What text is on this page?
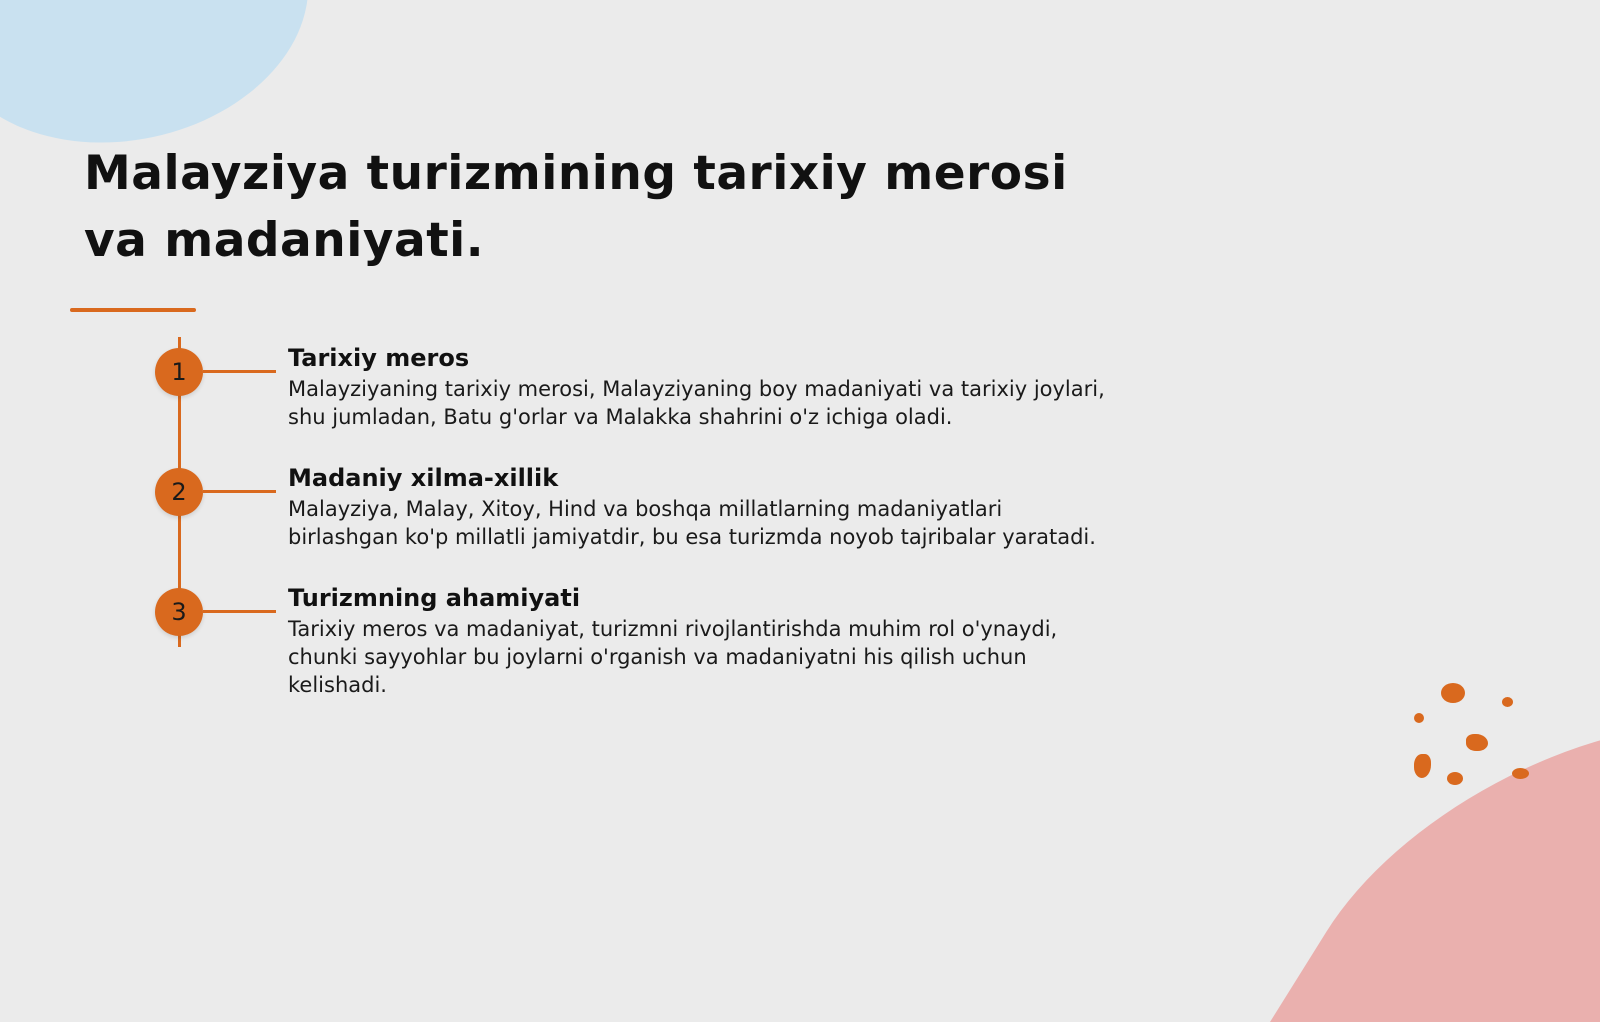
Malayziya turizmining tarixiy merosi va madaniyati.
1	Tarixiy meros

Malayziyaning tarixiy merosi, Malayziyaning boy madaniyati va tarixiy joylari, shu jumladan, Batu g'orlar va Malakka shahrini o'z ichiga oladi.

2	Madaniy xilma-xillik

Malayziya, Malay, Xitoy, Hind va boshqa millatlarning madaniyatlari birlashgan ko'p millatli jamiyatdir, bu esa turizmda noyob tajribalar yaratadi.

3	Turizmning ahamiyati

Tarixiy meros va madaniyat, turizmni rivojlantirishda muhim rol o'ynaydi, chunki sayyohlar bu joylarni o'rganish va madaniyatni his qilish uchun kelishadi.
